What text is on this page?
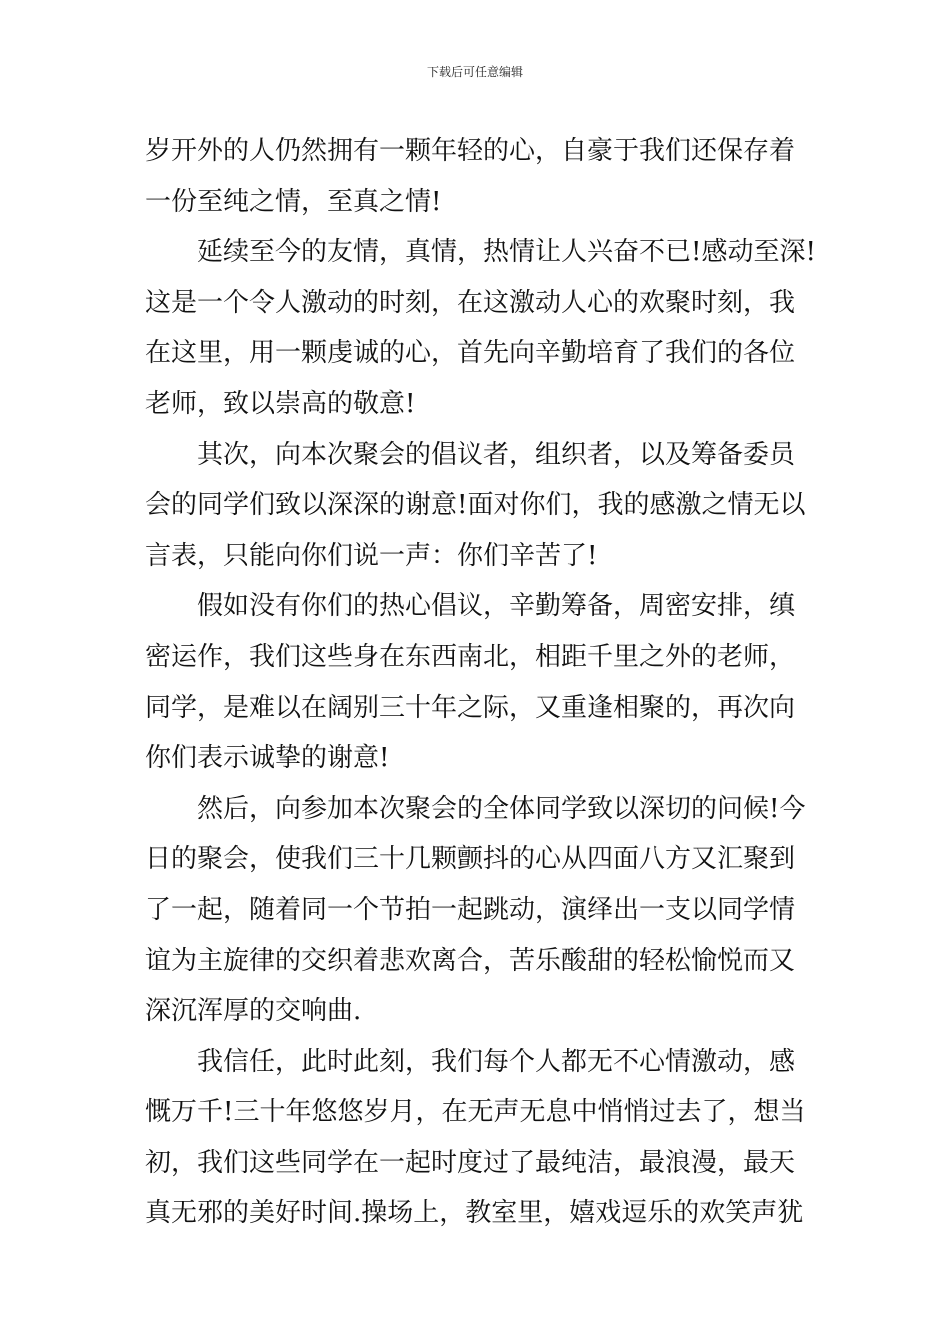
下载后可任意编辑
岁开外的人仍然拥有一颗年轻的心，自豪于我们还保存着
一份至纯之情，至真之情!
延续至今的友情，真情，热情让人兴奋不已!感动至深!
这是一个令人激动的时刻，在这激动人心的欢聚时刻，我
在这里，用一颗虔诚的心，首先向辛勤培育了我们的各位
老师，致以崇高的敬意!
其次，向本次聚会的倡议者，组织者，以及筹备委员
会的同学们致以深深的谢意!面对你们，我的感激之情无以
言表，只能向你们说一声：你们辛苦了!
假如没有你们的热心倡议，辛勤筹备，周密安排，缜
密运作，我们这些身在东西南北，相距千里之外的老师，
同学，是难以在阔别三十年之际，又重逢相聚的，再次向
你们表示诚挚的谢意!
然后，向参加本次聚会的全体同学致以深切的问候!今
日的聚会，使我们三十几颗颤抖的心从四面八方又汇聚到
了一起，随着同一个节拍一起跳动，演绎出一支以同学情
谊为主旋律的交织着悲欢离合，苦乐酸甜的轻松愉悦而又
深沉浑厚的交响曲.
我信任，此时此刻，我们每个人都无不心情激动，感
慨万千!三十年悠悠岁月，在无声无息中悄悄过去了，想当
初，我们这些同学在一起时度过了最纯洁，最浪漫，最天
真无邪的美好时间.操场上，教室里，嬉戏逗乐的欢笑声犹
